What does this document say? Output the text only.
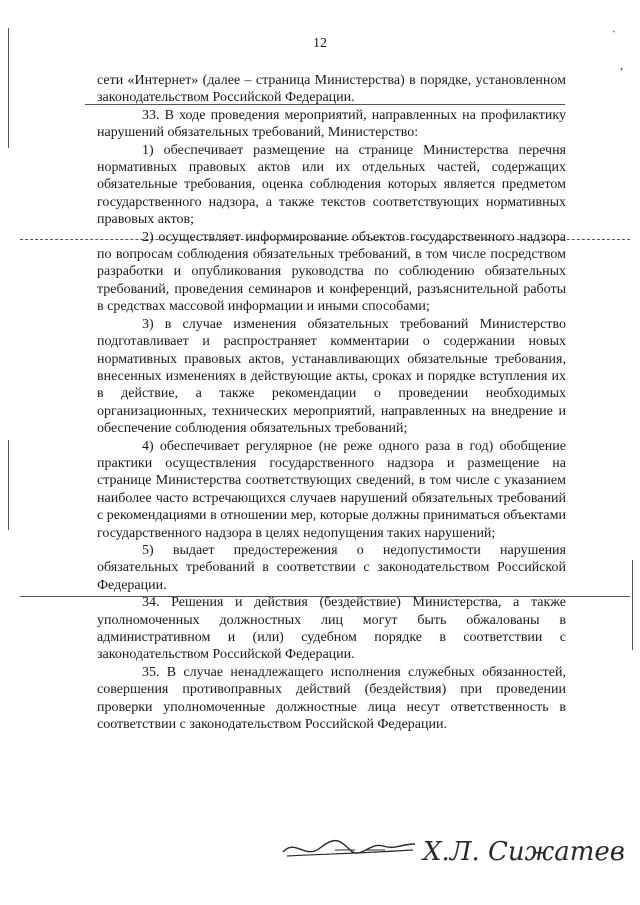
12
`
,

сети «Интернет» (далее – страница Министерства) в порядке, установленном законодательством Российской Федерации.

33. В ходе проведения мероприятий, направленных на профилактику нарушений обязательных требований, Министерство:

1) обеспечивает размещение на странице Министерства перечня нормативных правовых актов или их отдельных частей, содержащих обязательные требования, оценка соблюдения которых является предметом государственного надзора, а также текстов соответствующих нормативных правовых актов;

2) осуществляет информирование объектов государственного надзора по вопросам соблюдения обязательных требований, в том числе посредством разработки и опубликования руководства по соблюдению обязательных требований, проведения семинаров и конференций, разъяснительной работы в средствах массовой информации и иными способами;

3) в случае изменения обязательных требований Министерство подготавливает и распространяет комментарии о содержании новых нормативных правовых актов, устанавливающих обязательные требования, внесенных изменениях в действующие акты, сроках и порядке вступления их в действие, а также рекомендации о проведении необходимых организационных, технических мероприятий, направленных на внедрение и обеспечение соблюдения обязательных требований;

4) обеспечивает регулярное (не реже одного раза в год) обобщение практики осуществления государственного надзора и размещение на странице Министерства соответствующих сведений, в том числе с указанием наиболее часто встречающихся случаев нарушений обязательных требований с рекомендациями в отношении мер, которые должны приниматься объектами государственного надзора в целях недопущения таких нарушений;

5) выдает предостережения о недопустимости нарушения обязательных требований в соответствии с законодательством Российской Федерации.

34. Решения и действия (бездействие) Министерства, а также уполномоченных должностных лиц могут быть обжалованы в административном и (или) судебном порядке в соответствии с законодательством Российской Федерации.

35. В случае ненадлежащего исполнения служебных обязанностей, совершения противоправных действий (бездействия) при проведении проверки уполномоченные должностные лица несут ответственность в соответствии с законодательством Российской Федерации.

Х.Л. Сижатев
